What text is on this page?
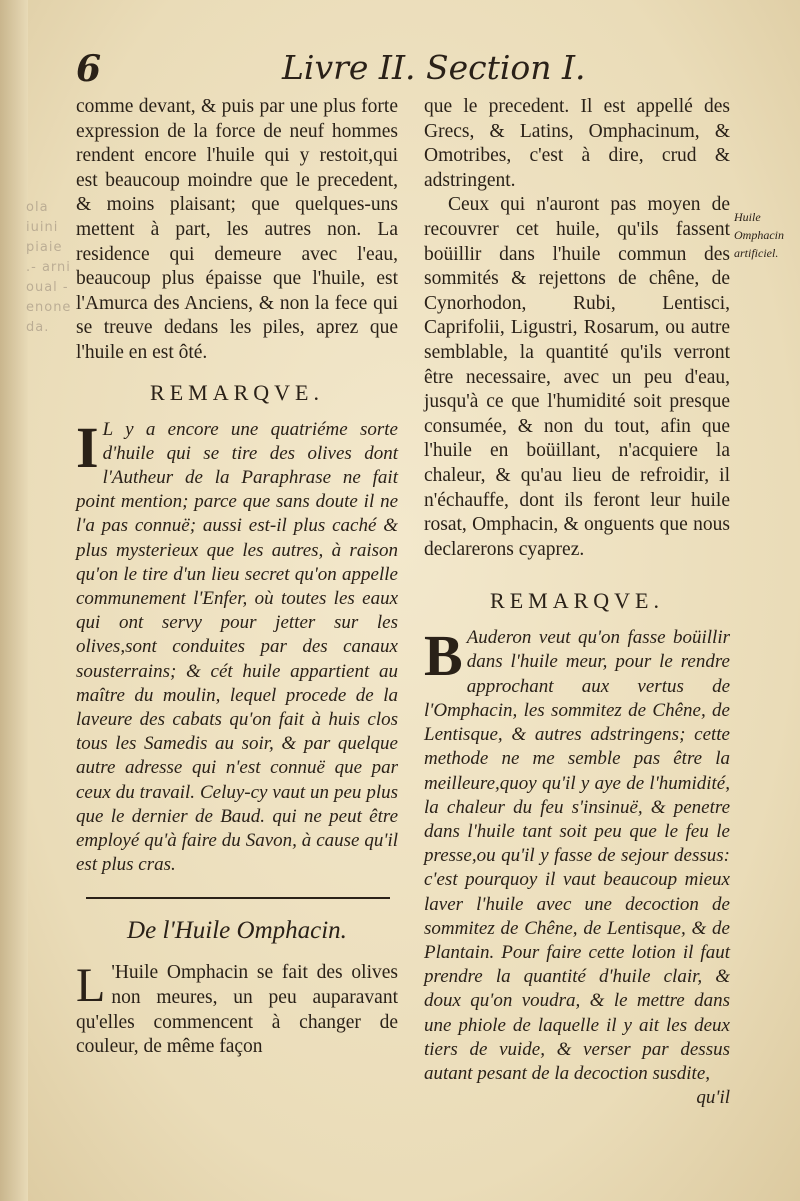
ola iuini piaie .- arni oual -enone da.
6	Livre II. Section I.

comme devant, & puis par une plus forte expression de la force de neuf hommes rendent encore l'huile qui y restoit,qui est beaucoup moindre que le precedent, & moins plaisant; que quelques-uns mettent à part, les autres non. La residence qui demeure avec l'eau, beaucoup plus épaisse que l'huile, est l'Amurca des Anciens, & non la fece qui se treuve dedans les piles, aprez que l'huile en est ôté.

REMARQVE.

I L y a encore une quatriéme sorte d'huile qui se tire des olives dont l'Autheur de la Paraphrase ne fait point mention; parce que sans doute il ne l'a pas connuë; aussi est-il plus caché & plus mysterieux que les autres, à raison qu'on le tire d'un lieu secret qu'on appelle communement l'Enfer, où toutes les eaux qui ont servy pour jetter sur les olives,sont conduites par des canaux sousterrains; & cét huile appartient au maître du moulin, lequel procede de la laveure des cabats qu'on fait à huis clos tous les Samedis au soir, & par quelque autre adresse qui n'est connuë que par ceux du travail. Celuy-cy vaut un peu plus que le dernier de Baud. qui ne peut être employé qu'à faire du Savon, à cause qu'il est plus cras.

De l'Huile Omphacin.

L 'Huile Omphacin se fait des olives non meures, un peu auparavant qu'elles commencent à changer de couleur, de même façon

que le precedent. Il est appellé des Grecs, & Latins, Omphacinum, & Omotribes, c'est à dire, crud & adstringent.

Ceux qui n'auront pas moyen de recouvrer cet huile, qu'ils fassent boüillir dans l'huile commun des sommités & rejettons de chêne, de Cynorhodon, Rubi, Lentisci, Caprifolii, Ligustri, Rosarum, ou autre semblable, la quantité qu'ils verront être necessaire, avec un peu d'eau, jusqu'à ce que l'humidité soit presque consumée, & non du tout, afin que l'huile en boüillant, n'acquiere la chaleur, & qu'au lieu de refroidir, il n'échauffe, dont ils feront leur huile rosat, Omphacin, & onguents que nous declarerons cyaprez.

REMARQVE.

B Auderon veut qu'on fasse boüillir dans l'huile meur, pour le rendre approchant aux vertus de l'Omphacin, les sommitez de Chêne, de Lentisque, & autres adstringens; cette methode ne me semble pas être la meilleure,quoy qu'il y aye de l'humidité, la chaleur du feu s'insinuë, & penetre dans l'huile tant soit peu que le feu le presse,ou qu'il y fasse de sejour dessus: c'est pourquoy il vaut beaucoup mieux laver l'huile avec une decoction de sommitez de Chêne, de Lentisque, & de Plantain. Pour faire cette lotion il faut prendre la quantité d'huile clair, & doux qu'on voudra, & le mettre dans une phiole de laquelle il y ait les deux tiers de vuide, & verser par dessus autant pesant de la decoction susdite,

qu'il
Huile Omphacin artificiel.
